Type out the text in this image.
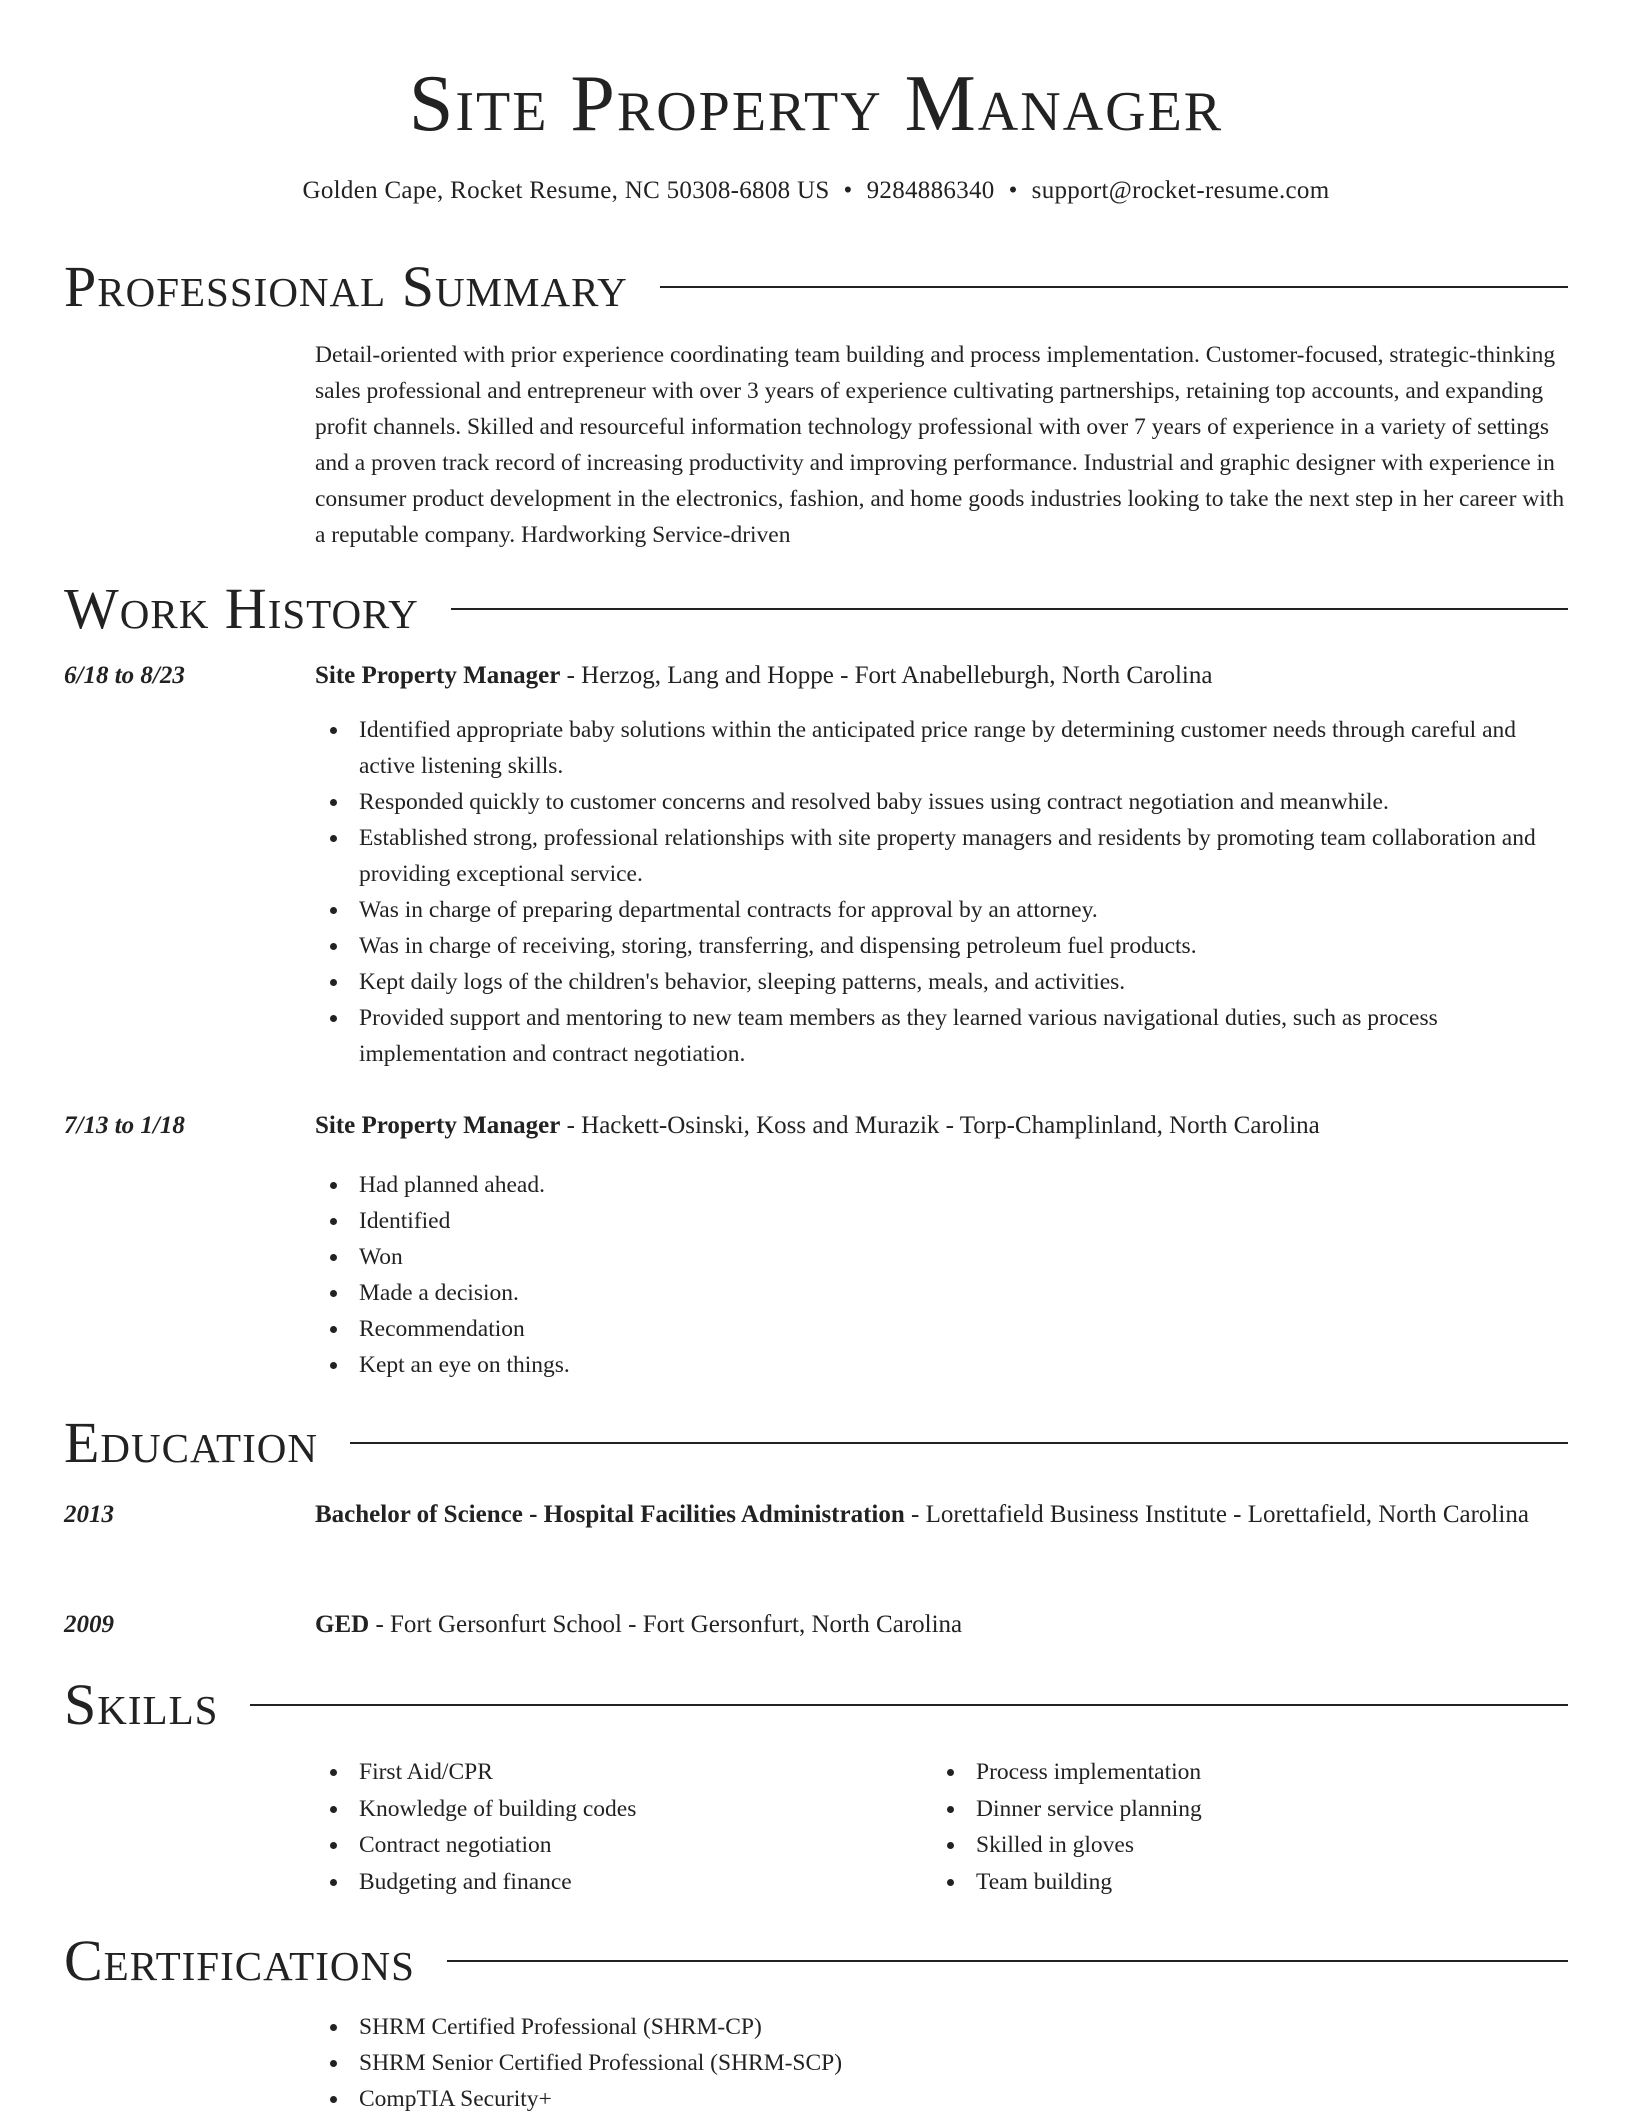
Site Property Manager
Golden Cape, Rocket Resume, NC 50308-6808 US • 9284886340 • support@rocket-resume.com
Professional Summary

Detail-oriented with prior experience coordinating team building and process implementation. Customer-focused, strategic-thinking sales professional and entrepreneur with over 3 years of experience cultivating partnerships, retaining top accounts, and expanding profit channels. Skilled and resourceful information technology professional with over 7 years of experience in a variety of settings and a proven track record of increasing productivity and improving performance. Industrial and graphic designer with experience in consumer product development in the electronics, fashion, and home goods industries looking to take the next step in her career with a reputable company. Hardworking Service-driven

Work History
6/18 to 8/23	Site Property Manager - Herzog, Lang and Hoppe - Fort Anabelleburgh, North Carolina
Identified appropriate baby solutions within the anticipated price range by determining customer needs through careful and active listening skills.
Responded quickly to customer concerns and resolved baby issues using contract negotiation and meanwhile.
Established strong, professional relationships with site property managers and residents by promoting team collaboration and providing exceptional service.
Was in charge of preparing departmental contracts for approval by an attorney.
Was in charge of receiving, storing, transferring, and dispensing petroleum fuel products.
Kept daily logs of the children's behavior, sleeping patterns, meals, and activities.
Provided support and mentoring to new team members as they learned various navigational duties, such as process implementation and contract negotiation.
7/13 to 1/18	Site Property Manager - Hackett-Osinski, Koss and Murazik - Torp-Champlinland, North Carolina
Had planned ahead.
Identified
Won
Made a decision.
Recommendation
Kept an eye on things.
Education
2013	Bachelor of Science - Hospital Facilities Administration - Lorettafield Business Institute - Lorettafield, North Carolina
2009	GED - Fort Gersonfurt School - Fort Gersonfurt, North Carolina
Skills
First Aid/CPR
Knowledge of building codes
Contract negotiation
Budgeting and finance
Process implementation
Dinner service planning
Skilled in gloves
Team building
Certifications
SHRM Certified Professional (SHRM-CP)
SHRM Senior Certified Professional (SHRM-SCP)
CompTIA Security+
